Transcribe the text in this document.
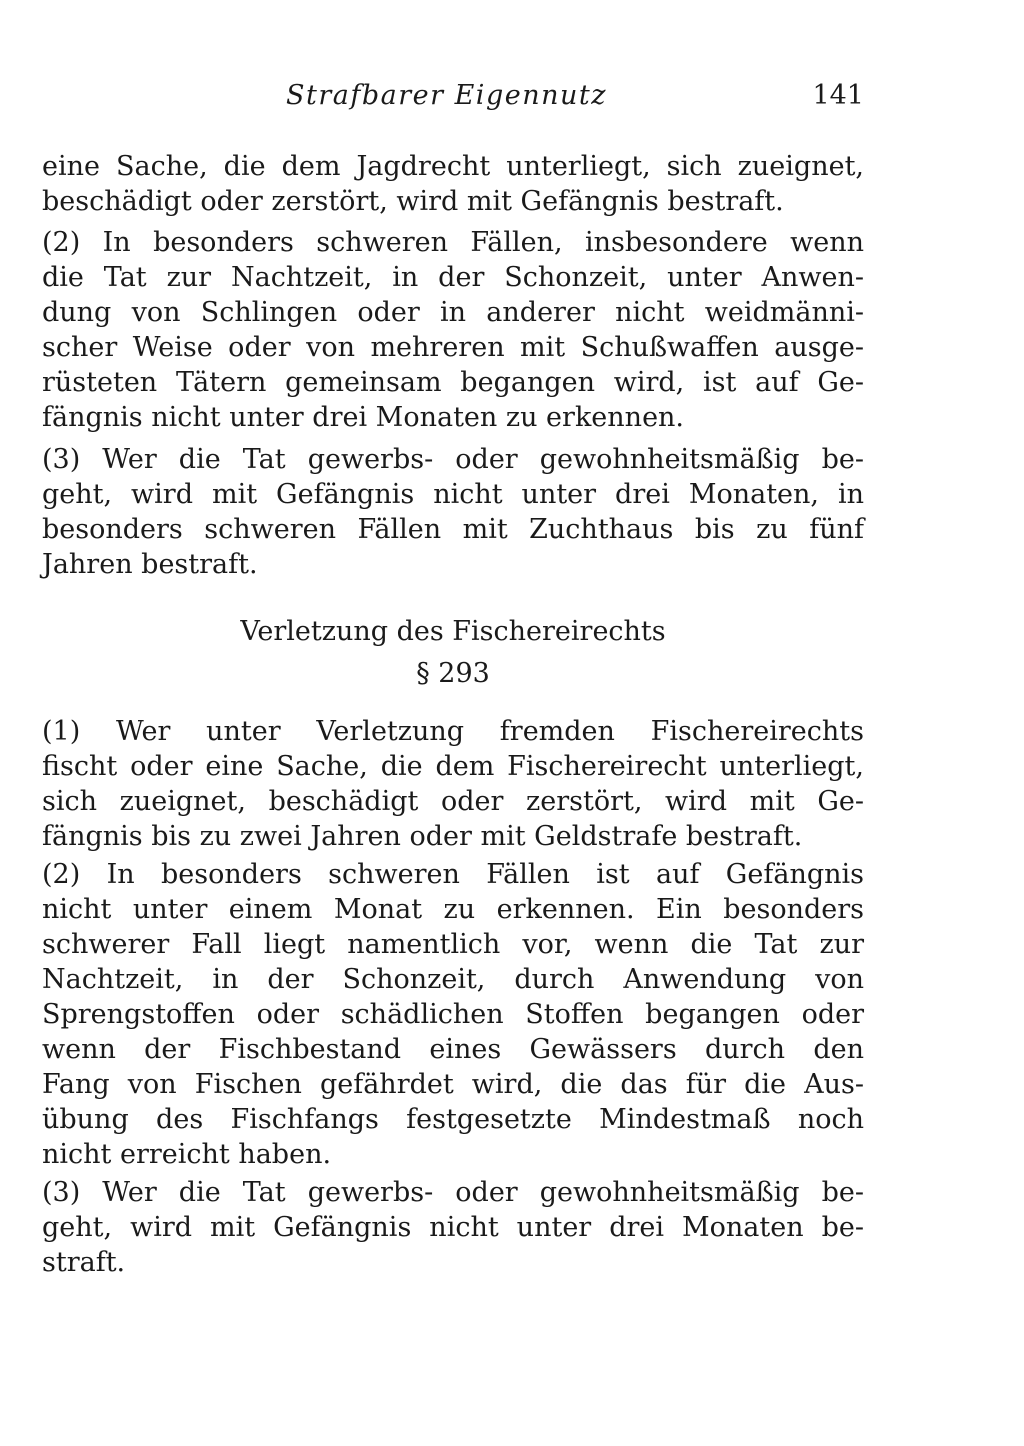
Strafbarer Eigennutz	141
eine Sache, die dem Jagdrecht unterliegt, sich zueignet,
beschädigt oder zerstört, wird mit Gefängnis bestraft.
(2) In besonders schweren Fällen, insbesondere wenn
die Tat zur Nachtzeit, in der Schonzeit, unter Anwen-
dung von Schlingen oder in anderer nicht weidmänni-
scher Weise oder von mehreren mit Schußwaffen ausge-
rüsteten Tätern gemeinsam begangen wird, ist auf Ge-
fängnis nicht unter drei Monaten zu erkennen.
(3) Wer die Tat gewerbs- oder gewohnheitsmäßig be-
geht, wird mit Gefängnis nicht unter drei Monaten, in
besonders schweren Fällen mit Zuchthaus bis zu fünf
Jahren bestraft.
Verletzung des Fischereirechts
§ 293
(1) Wer unter Verletzung fremden Fischereirechts
fischt oder eine Sache, die dem Fischereirecht unterliegt,
sich zueignet, beschädigt oder zerstört, wird mit Ge-
fängnis bis zu zwei Jahren oder mit Geldstrafe bestraft.
(2) In besonders schweren Fällen ist auf Gefängnis
nicht unter einem Monat zu erkennen. Ein besonders
schwerer Fall liegt namentlich vor, wenn die Tat zur
Nachtzeit, in der Schonzeit, durch Anwendung von
Sprengstoffen oder schädlichen Stoffen begangen oder
wenn der Fischbestand eines Gewässers durch den
Fang von Fischen gefährdet wird, die das für die Aus-
übung des Fischfangs festgesetzte Mindestmaß noch
nicht erreicht haben.
(3) Wer die Tat gewerbs- oder gewohnheitsmäßig be-
geht, wird mit Gefängnis nicht unter drei Monaten be-
straft.
